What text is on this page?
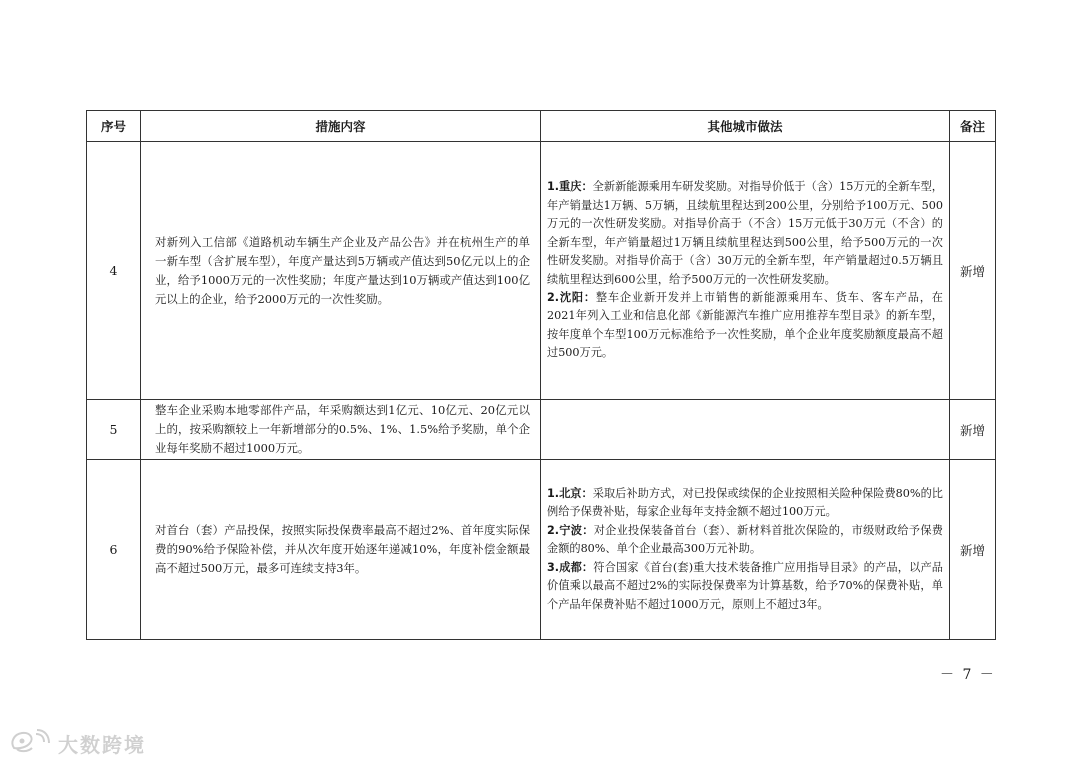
序号	措施内容	其他城市做法	备注
4	对新列入工信部《道路机动车辆生产企业及产品公告》并在杭州生产的单一新车型（含扩展车型），年度产量达到5万辆或产值达到50亿元以上的企业，给予1000万元的一次性奖励；年度产量达到10万辆或产值达到100亿元以上的企业，给予2000万元的一次性奖励。	1.重庆：全新新能源乘用车研发奖励。对指导价低于（含）15万元的全新车型，年产销量达1万辆、5万辆，且续航里程达到200公里，分别给予100万元、500万元的一次性研发奖励。对指导价高于（不含）15万元低于30万元（不含）的全新车型，年产销量超过1万辆且续航里程达到500公里，给予500万元的一次性研发奖励。对指导价高于（含）30万元的全新车型，年产销量超过0.5万辆且续航里程达到600公里，给予500万元的一次性研发奖励。
2.沈阳：整车企业新开发并上市销售的新能源乘用车、货车、客车产品，在2021年列入工业和信息化部《新能源汽车推广应用推荐车型目录》的新车型，按年度单个车型100万元标准给予一次性奖励，单个企业年度奖励额度最高不超过500万元。	新增
5	整车企业采购本地零部件产品，年采购额达到1亿元、10亿元、20亿元以上的，按采购额较上一年新增部分的0.5%、1%、1.5%给予奖励，单个企业每年奖励不超过1000万元。		新增
6	对首台（套）产品投保，按照实际投保费率最高不超过2%、首年度实际保费的90%给予保险补偿，并从次年度开始逐年递减10%，年度补偿金额最高不超过500万元，最多可连续支持3年。	1.北京：采取后补助方式，对已投保或续保的企业按照相关险种保险费80%的比例给予保费补贴，每家企业每年支持金额不超过100万元。
2.宁波：对企业投保装备首台（套）、新材料首批次保险的，市级财政给予保费金额的80%、单个企业最高300万元补助。
3.成都：符合国家《首台(套)重大技术装备推广应用指导目录》的产品，以产品价值乘以最高不超过2%的实际投保费率为计算基数，给予70%的保费补贴，单个产品年保费补贴不超过1000万元，原则上不超过3年。	新增
－ 7 －
大数跨境
